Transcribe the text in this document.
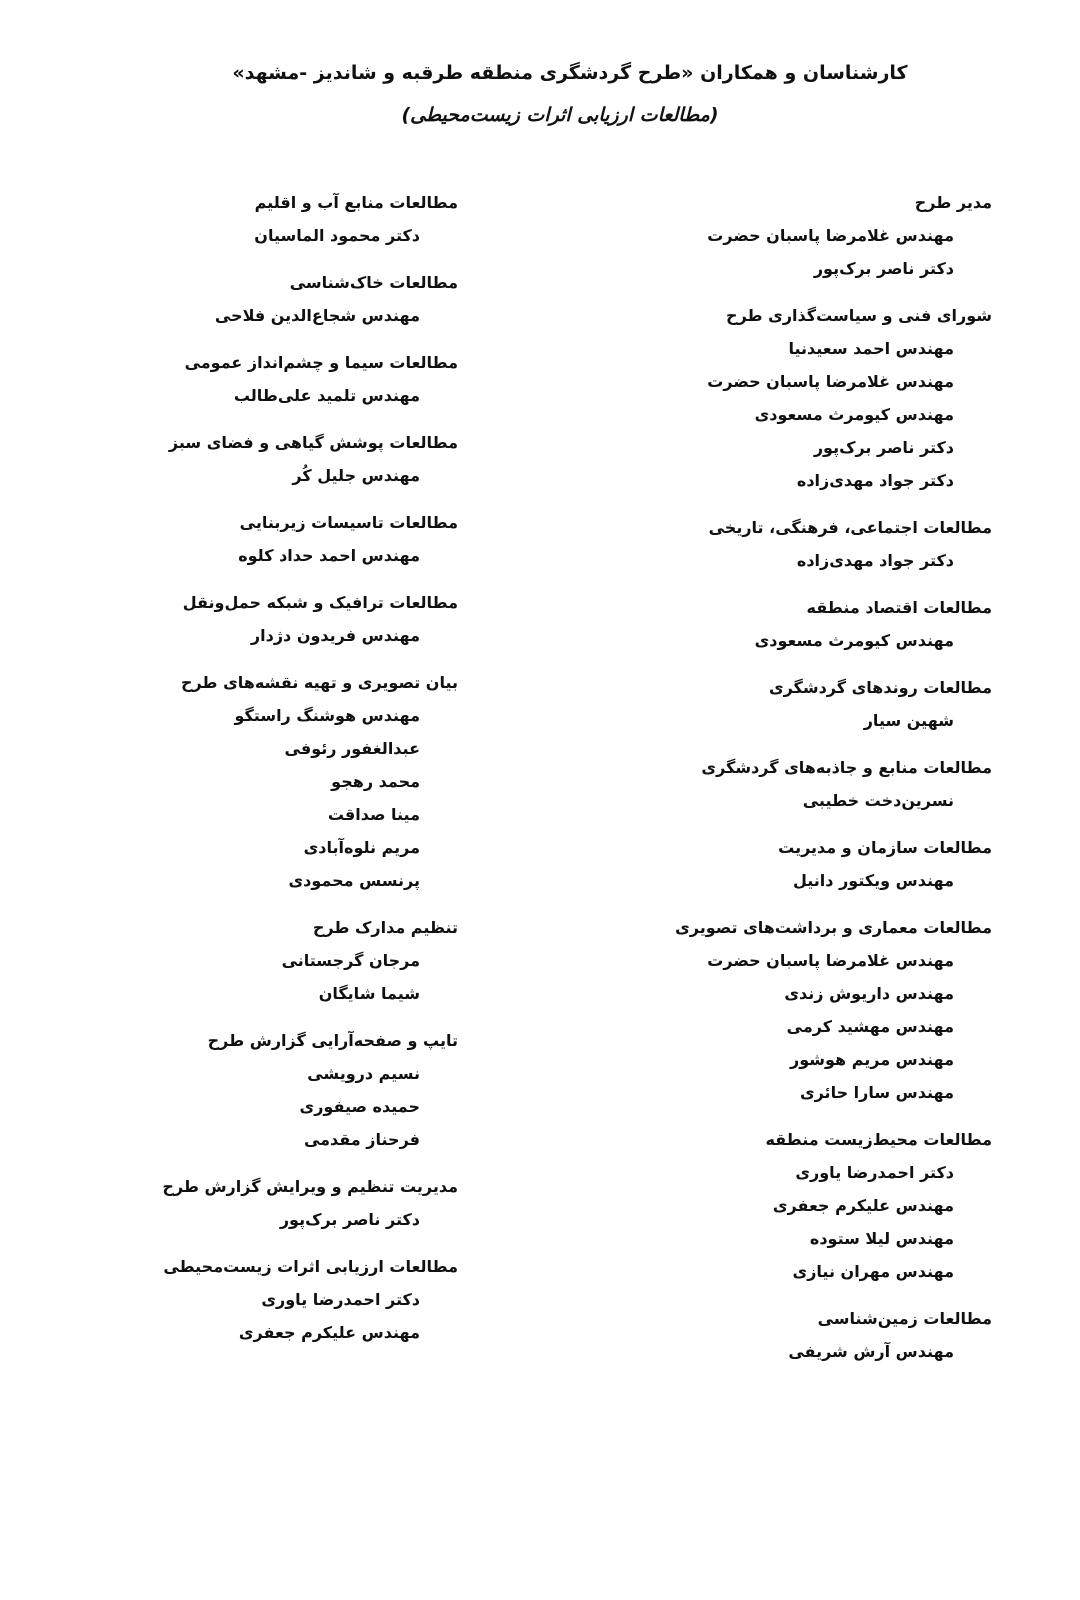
کارشناسان و همکاران «طرح گردشگری منطقه طرقبه و شاندیز -مشهد»
(مطالعات ارزیابی اثرات زیست‌محیطی)
مدیر طرح
مهندس غلامرضا پاسبان حضرت
دکتر ناصر برک‌پور
شورای فنی و سیاست‌گذاری طرح
مهندس احمد سعیدنیا
مهندس غلامرضا پاسبان حضرت
مهندس کیومرث مسعودی
دکتر ناصر برک‌پور
دکتر جواد مهدی‌زاده
مطالعات اجتماعی، فرهنگی، تاریخی
دکتر جواد مهدی‌زاده
مطالعات اقتصاد منطقه
مهندس کیومرث مسعودی
مطالعات روندهای گردشگری
شهین سیار
مطالعات منابع و جاذبه‌های گردشگری
نسرین‌دخت خطیبی
مطالعات سازمان و مدیریت
مهندس ویکتور دانیل
مطالعات معماری و برداشت‌های تصویری
مهندس غلامرضا پاسبان حضرت
مهندس داریوش زندی
مهندس مهشید کرمی
مهندس مریم هوشور
مهندس سارا حائری
مطالعات محیط‌زیست منطقه
دکتر احمدرضا یاوری
مهندس علیکرم جعفری
مهندس لیلا ستوده
مهندس مهران نیازی
مطالعات زمین‌شناسی
مهندس آرش شریفی
مطالعات منابع آب و اقلیم
دکتر محمود الماسیان
مطالعات خاک‌شناسی
مهندس شجاع‌الدین فلاحی
مطالعات سیما و چشم‌انداز عمومی
مهندس تلمید علی‌طالب
مطالعات پوشش گیاهی و فضای سبز
مهندس جلیل کُر
مطالعات تاسیسات زیربنایی
مهندس احمد حداد کلوه
مطالعات ترافیک و شبکه حمل‌ونقل
مهندس فریدون دژدار
بیان تصویری و تهیه نقشه‌های طرح
مهندس هوشنگ راستگو
عبدالغفور رئوفی
محمد رهجو
مینا صداقت
مریم نلوه‌آبادی
پرنسس محمودی
تنظیم مدارک طرح
مرجان گرجستانی
شیما شایگان
تایپ و صفحه‌آرایی گزارش طرح
نسیم درویشی
حمیده صیفوری
فرحناز مقدمی
مدیریت تنظیم و ویرایش گزارش طرح
دکتر ناصر برک‌پور
مطالعات ارزیابی اثرات زیست‌محیطی
دکتر احمدرضا یاوری
مهندس علیکرم جعفری
